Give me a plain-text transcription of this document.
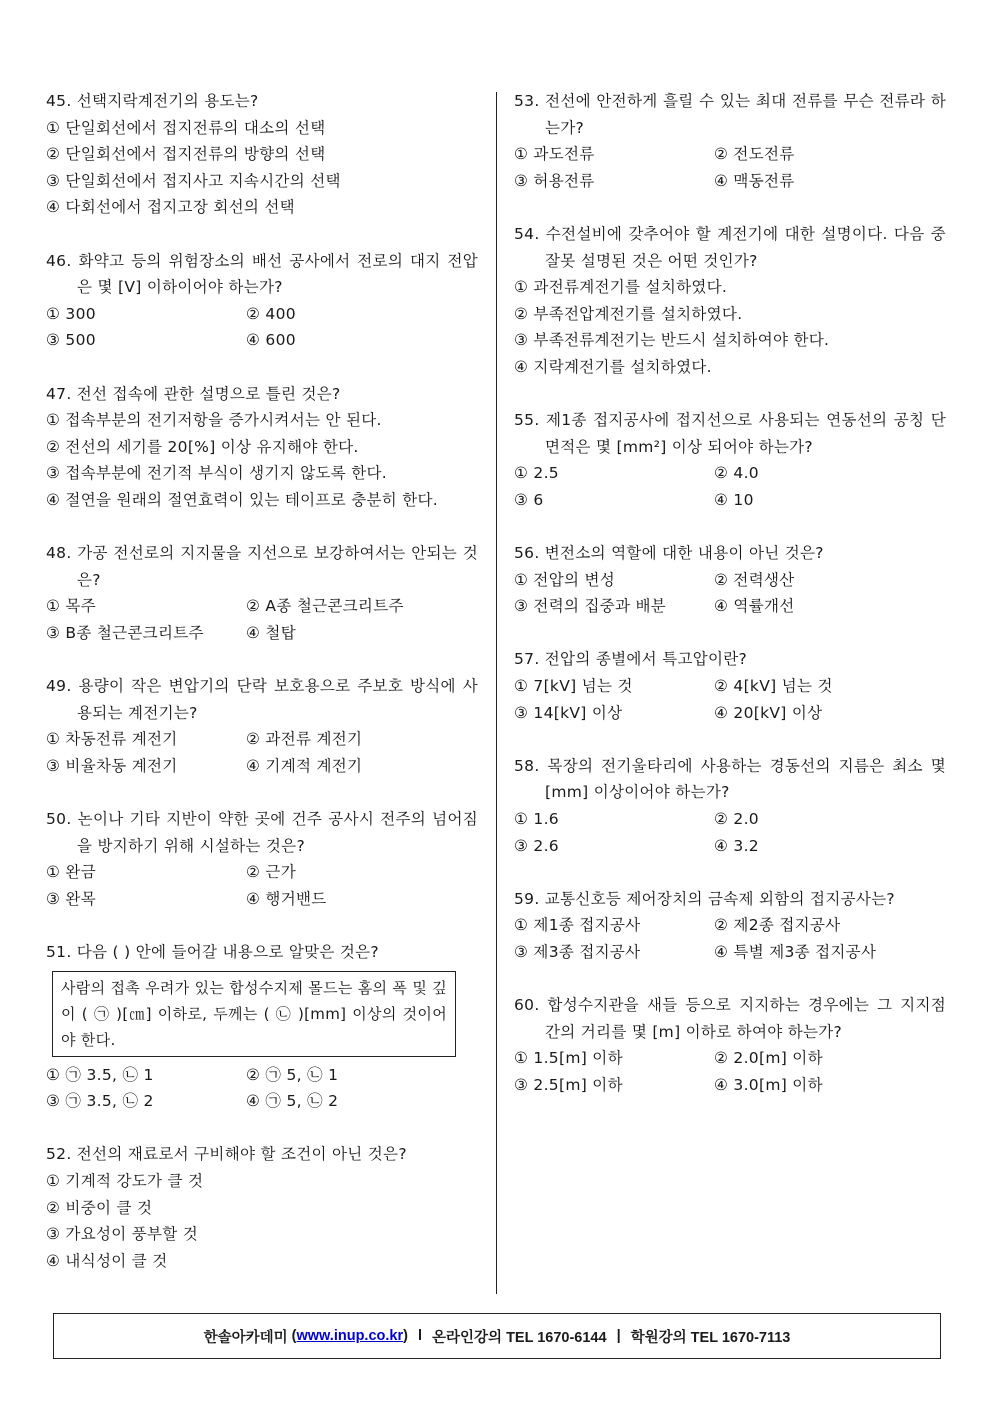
45. 선택지락계전기의 용도는?
① 단일회선에서 접지전류의 대소의 선택
② 단일회선에서 접지전류의 방향의 선택
③ 단일회선에서 접지사고 지속시간의 선택
④ 다회선에서 접지고장 회선의 선택
46. 화약고 등의 위험장소의 배선 공사에서 전로의 대지 전압은 몇 [V] 이하이어야 하는가?
① 300	② 400
③ 500	④ 600
47. 전선 접속에 관한 설명으로 틀린 것은?
① 접속부분의 전기저항을 증가시켜서는 안 된다.
② 전선의 세기를 20[%] 이상 유지해야 한다.
③ 접속부분에 전기적 부식이 생기지 않도록 한다.
④ 절연을 원래의 절연효력이 있는 테이프로 충분히 한다.
48. 가공 전선로의 지지물을 지선으로 보강하여서는 안되는 것은?
① 목주	② A종 철근콘크리트주
③ B종 철근콘크리트주	④ 철탑
49. 용량이 작은 변압기의 단락 보호용으로 주보호 방식에 사용되는 계전기는?
① 차동전류 계전기	② 과전류 계전기
③ 비율차동 계전기	④ 기계적 계전기
50. 논이나 기타 지반이 약한 곳에 건주 공사시 전주의 넘어짐을 방지하기 위해 시설하는 것은?
① 완금	② 근가
③ 완목	④ 행거밴드
51. 다음 ( ) 안에 들어갈 내용으로 알맞은 것은?
사람의 접촉 우려가 있는 합성수지제 몰드는 홈의 폭 및 깊이 ( ㉠ )[㎝] 이하로, 두께는 ( ㉡ )[mm] 이상의 것이어야 한다.
① ㉠ 3.5, ㉡ 1	② ㉠ 5, ㉡ 1
③ ㉠ 3.5, ㉡ 2	④ ㉠ 5, ㉡ 2
52. 전선의 재료로서 구비해야 할 조건이 아닌 것은?
① 기계적 강도가 클 것
② 비중이 클 것
③ 가요성이 풍부할 것
④ 내식성이 클 것
53. 전선에 안전하게 흘릴 수 있는 최대 전류를 무슨 전류라 하는가?
① 과도전류	② 전도전류
③ 허용전류	④ 맥동전류
54. 수전설비에 갖추어야 할 계전기에 대한 설명이다. 다음 중 잘못 설명된 것은 어떤 것인가?
① 과전류계전기를 설치하였다.
② 부족전압계전기를 설치하였다.
③ 부족전류계전기는 반드시 설치하여야 한다.
④ 지락계전기를 설치하였다.
55. 제1종 접지공사에 접지선으로 사용되는 연동선의 공칭 단면적은 몇 [mm²] 이상 되어야 하는가?
① 2.5	② 4.0
③ 6	④ 10
56. 변전소의 역할에 대한 내용이 아닌 것은?
① 전압의 변성	② 전력생산
③ 전력의 집중과 배분	④ 역률개선
57. 전압의 종별에서 특고압이란?
① 7[kV] 넘는 것	② 4[kV] 넘는 것
③ 14[kV] 이상	④ 20[kV] 이상
58. 목장의 전기울타리에 사용하는 경동선의 지름은 최소 몇 [mm] 이상이어야 하는가?
① 1.6	② 2.0
③ 2.6	④ 3.2
59. 교통신호등 제어장치의 금속제 외함의 접지공사는?
① 제1종 접지공사	② 제2종 접지공사
③ 제3종 접지공사	④ 특별 제3종 접지공사
60. 합성수지관을 새들 등으로 지지하는 경우에는 그 지지점 간의 거리를 몇 [m] 이하로 하여야 하는가?
① 1.5[m] 이하	② 2.0[m] 이하
③ 2.5[m] 이하	④ 3.0[m] 이하
한솔아카데미 ( www.inup.co.kr ) l 온라인강의 TEL 1670-6144 | 학원강의 TEL 1670-7113
